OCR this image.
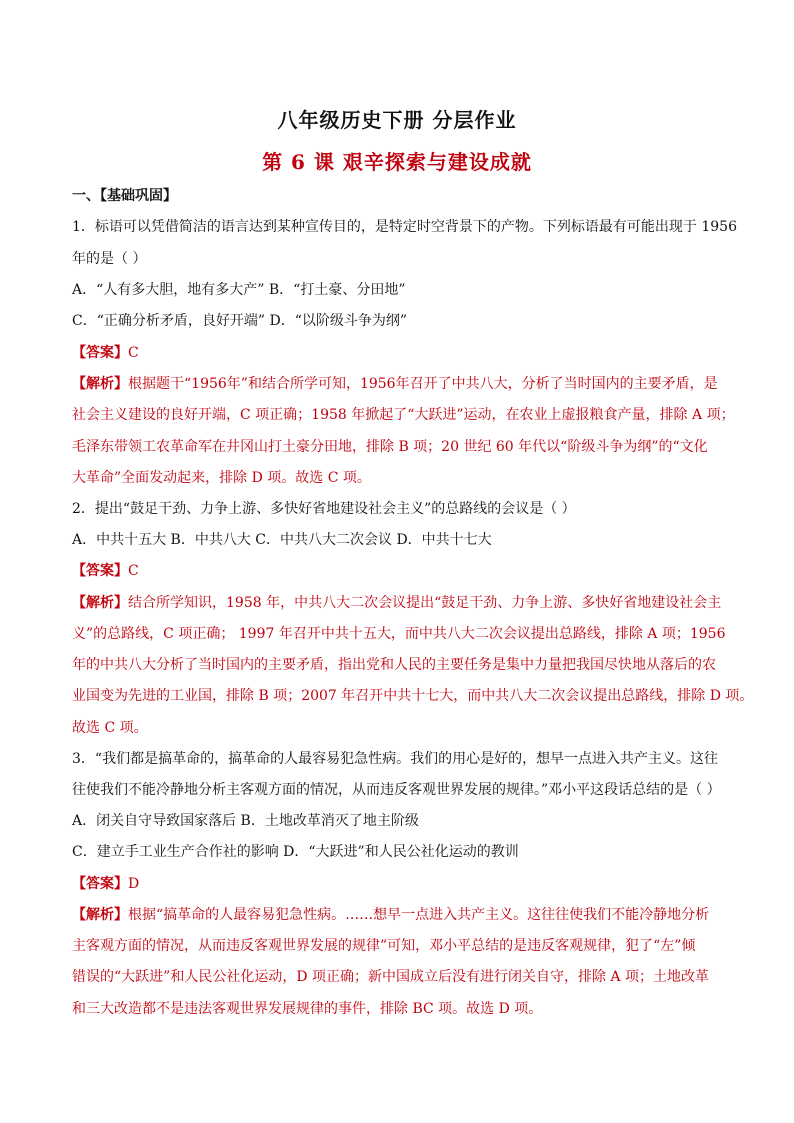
八年级历史下册 分层作业
第 6 课 艰辛探索与建设成就
一、【基础巩固】
1．标语可以凭借简洁的语言达到某种宣传目的，是特定时空背景下的产物。下列标语最有可能出现于 1956
年的是（ ）
A．“人有多大胆，地有多大产” B．“打土豪、分田地”
C．“正确分析矛盾，良好开端” D．“以阶级斗争为纲”
【答案】C
【解析】根据题干“1956年”和结合所学可知，1956年召开了中共八大，分析了当时国内的主要矛盾，是
社会主义建设的良好开端，C 项正确；1958 年掀起了“大跃进”运动，在农业上虚报粮食产量，排除 A 项；
毛泽东带领工农革命军在井冈山打土豪分田地，排除 B 项；20 世纪 60 年代以“阶级斗争为纲”的“文化
大革命”全面发动起来，排除 D 项。故选 C 项。
2．提出“鼓足干劲、力争上游、多快好省地建设社会主义”的总路线的会议是（ ）
A．中共十五大 B．中共八大 C．中共八大二次会议 D．中共十七大
【答案】C
【解析】结合所学知识，1958 年，中共八大二次会议提出“鼓足干劲、力争上游、多快好省地建设社会主
义”的总路线，C 项正确； 1997 年召开中共十五大，而中共八大二次会议提出总路线，排除 A 项；1956
年的中共八大分析了当时国内的主要矛盾，指出党和人民的主要任务是集中力量把我国尽快地从落后的农
业国变为先进的工业国，排除 B 项；2007 年召开中共十七大，而中共八大二次会议提出总路线，排除 D 项。
故选 C 项。
3．“我们都是搞革命的，搞革命的人最容易犯急性病。我们的用心是好的，想早一点进入共产主义。这往
往使我们不能冷静地分析主客观方面的情况，从而违反客观世界发展的规律。”邓小平这段话总结的是（ ）
A．闭关自守导致国家落后 B．土地改革消灭了地主阶级
C．建立手工业生产合作社的影响 D．“大跃进”和人民公社化运动的教训
【答案】D
【解析】根据“搞革命的人最容易犯急性病。……想早一点进入共产主义。这往往使我们不能冷静地分析
主客观方面的情况，从而违反客观世界发展的规律”可知，邓小平总结的是违反客观规律，犯了“左”倾
错误的“大跃进”和人民公社化运动，D 项正确；新中国成立后没有进行闭关自守，排除 A 项；土地改革
和三大改造都不是违法客观世界发展规律的事件，排除 BC 项。故选 D 项。
